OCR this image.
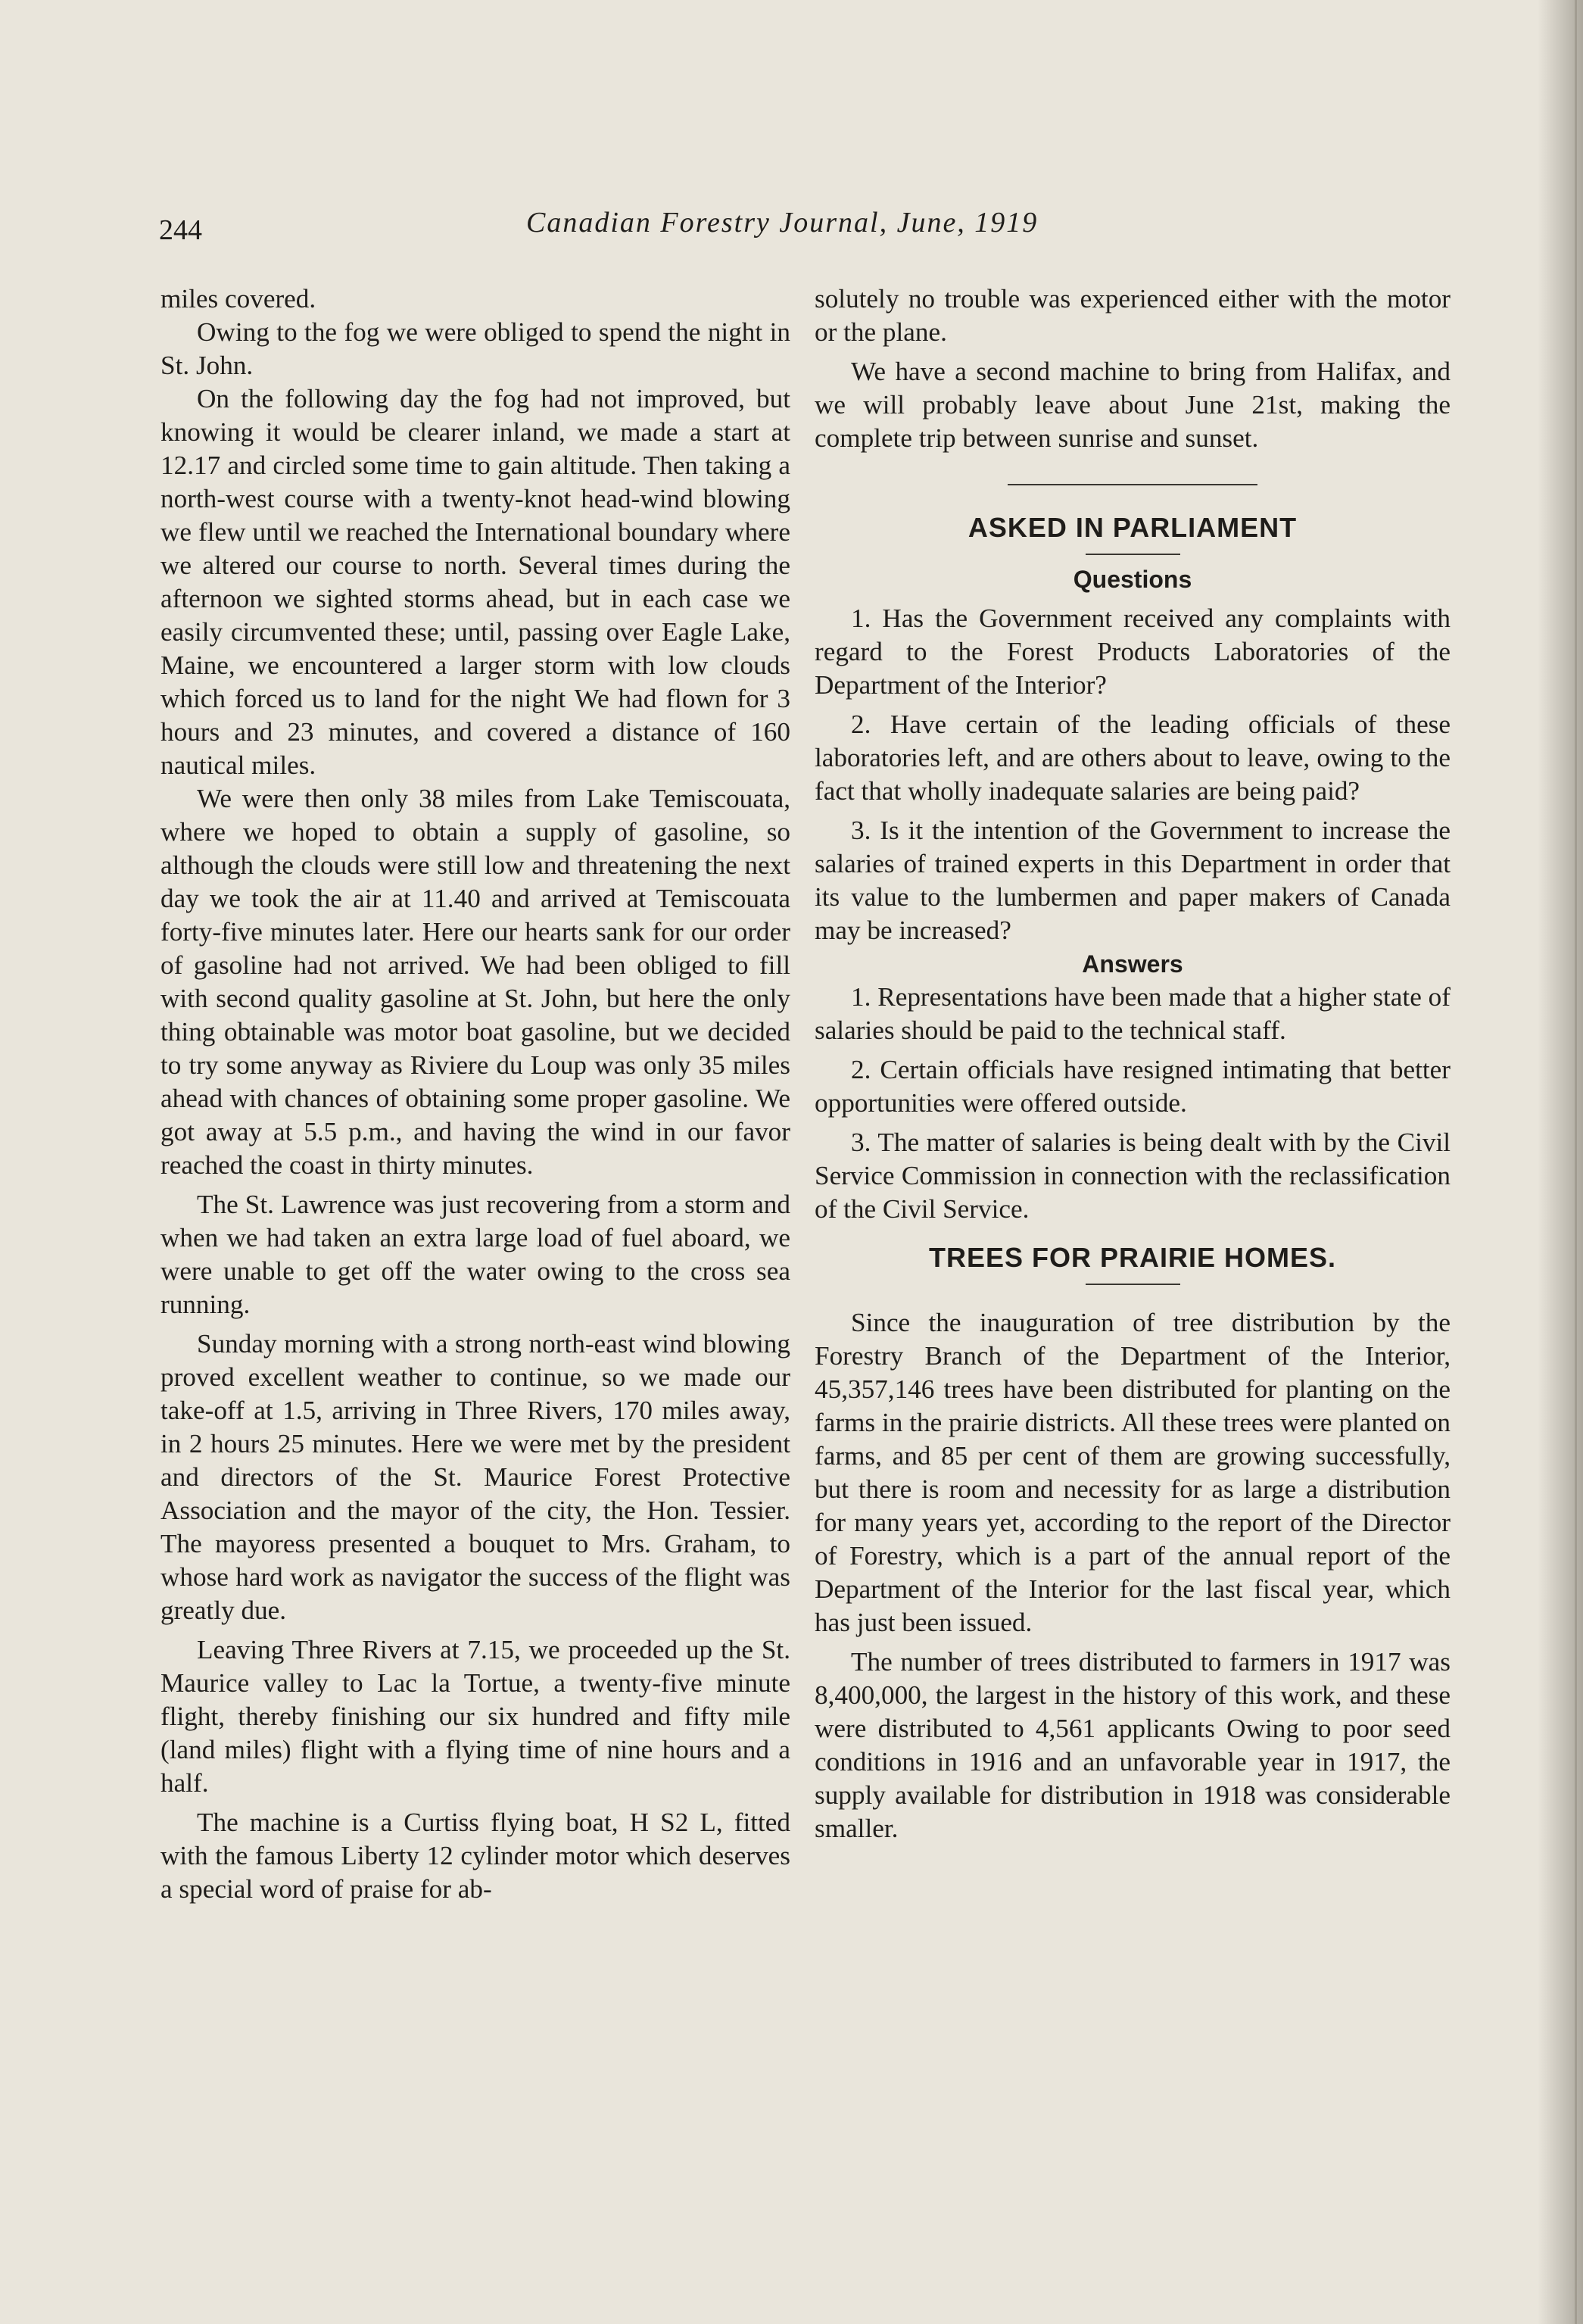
244	Canadian Forestry Journal, June, 1919

miles covered.

Owing to the fog we were obliged to spend the night in St. John.

On the following day the fog had not improved, but knowing it would be clearer inland, we made a start at 12.17 and circled some time to gain altitude. Then taking a north-west course with a twenty-knot head-wind blowing we flew until we reached the International boundary where we altered our course to north. Several times during the afternoon we sighted storms ahead, but in each case we easily circumvented these; until, passing over Eagle Lake, Maine, we encountered a larger storm with low clouds which forced us to land for the night We had flown for 3 hours and 23 minutes, and covered a distance of 160 nautical miles.

We were then only 38 miles from Lake Temiscouata, where we hoped to obtain a supply of gasoline, so although the clouds were still low and threatening the next day we took the air at 11.40 and arrived at Temiscouata forty-five minutes later. Here our hearts sank for our order of gasoline had not arrived. We had been obliged to fill with second quality gasoline at St. John, but here the only thing obtainable was motor boat gasoline, but we decided to try some anyway as Riviere du Loup was only 35 miles ahead with chances of obtaining some proper gasoline. We got away at 5.5 p.m., and having the wind in our favor reached the coast in thirty minutes.

The St. Lawrence was just recovering from a storm and when we had taken an extra large load of fuel aboard, we were unable to get off the water owing to the cross sea running.

Sunday morning with a strong north-east wind blowing proved excellent weather to continue, so we made our take-off at 1.5, arriving in Three Rivers, 170 miles away, in 2 hours 25 minutes. Here we were met by the president and directors of the St. Maurice Forest Protective Association and the mayor of the city, the Hon. Tessier. The mayoress presented a bouquet to Mrs. Graham, to whose hard work as navigator the success of the flight was greatly due.

Leaving Three Rivers at 7.15, we proceeded up the St. Maurice valley to Lac la Tortue, a twenty-five minute flight, thereby finishing our six hundred and fifty mile (land miles) flight with a flying time of nine hours and a half.

The machine is a Curtiss flying boat, H S2 L, fitted with the famous Liberty 12 cylinder motor which deserves a special word of praise for ab-

solutely no trouble was experienced either with the motor or the plane.

We have a second machine to bring from Halifax, and we will probably leave about June 21st, making the complete trip between sunrise and sunset.

ASKED IN PARLIAMENT
Questions

1. Has the Government received any complaints with regard to the Forest Products Laboratories of the Department of the Interior?

2. Have certain of the leading officials of these laboratories left, and are others about to leave, owing to the fact that wholly inadequate salaries are being paid?

3. Is it the intention of the Government to increase the salaries of trained experts in this Department in order that its value to the lumbermen and paper makers of Canada may be increased?

Answers

1. Representations have been made that a higher state of salaries should be paid to the technical staff.

2. Certain officials have resigned intimating that better opportunities were offered outside.

3. The matter of salaries is being dealt with by the Civil Service Commission in connection with the reclassification of the Civil Service.

TREES FOR PRAIRIE HOMES.

Since the inauguration of tree distribution by the Forestry Branch of the Department of the Interior, 45,357,146 trees have been distributed for planting on the farms in the prairie districts. All these trees were planted on farms, and 85 per cent of them are growing successfully, but there is room and necessity for as large a distribution for many years yet, according to the report of the Director of Forestry, which is a part of the annual report of the Department of the Interior for the last fiscal year, which has just been issued.

The number of trees distributed to farmers in 1917 was 8,400,000, the largest in the history of this work, and these were distributed to 4,561 applicants Owing to poor seed conditions in 1916 and an unfavorable year in 1917, the supply available for distribution in 1918 was considerable smaller.
